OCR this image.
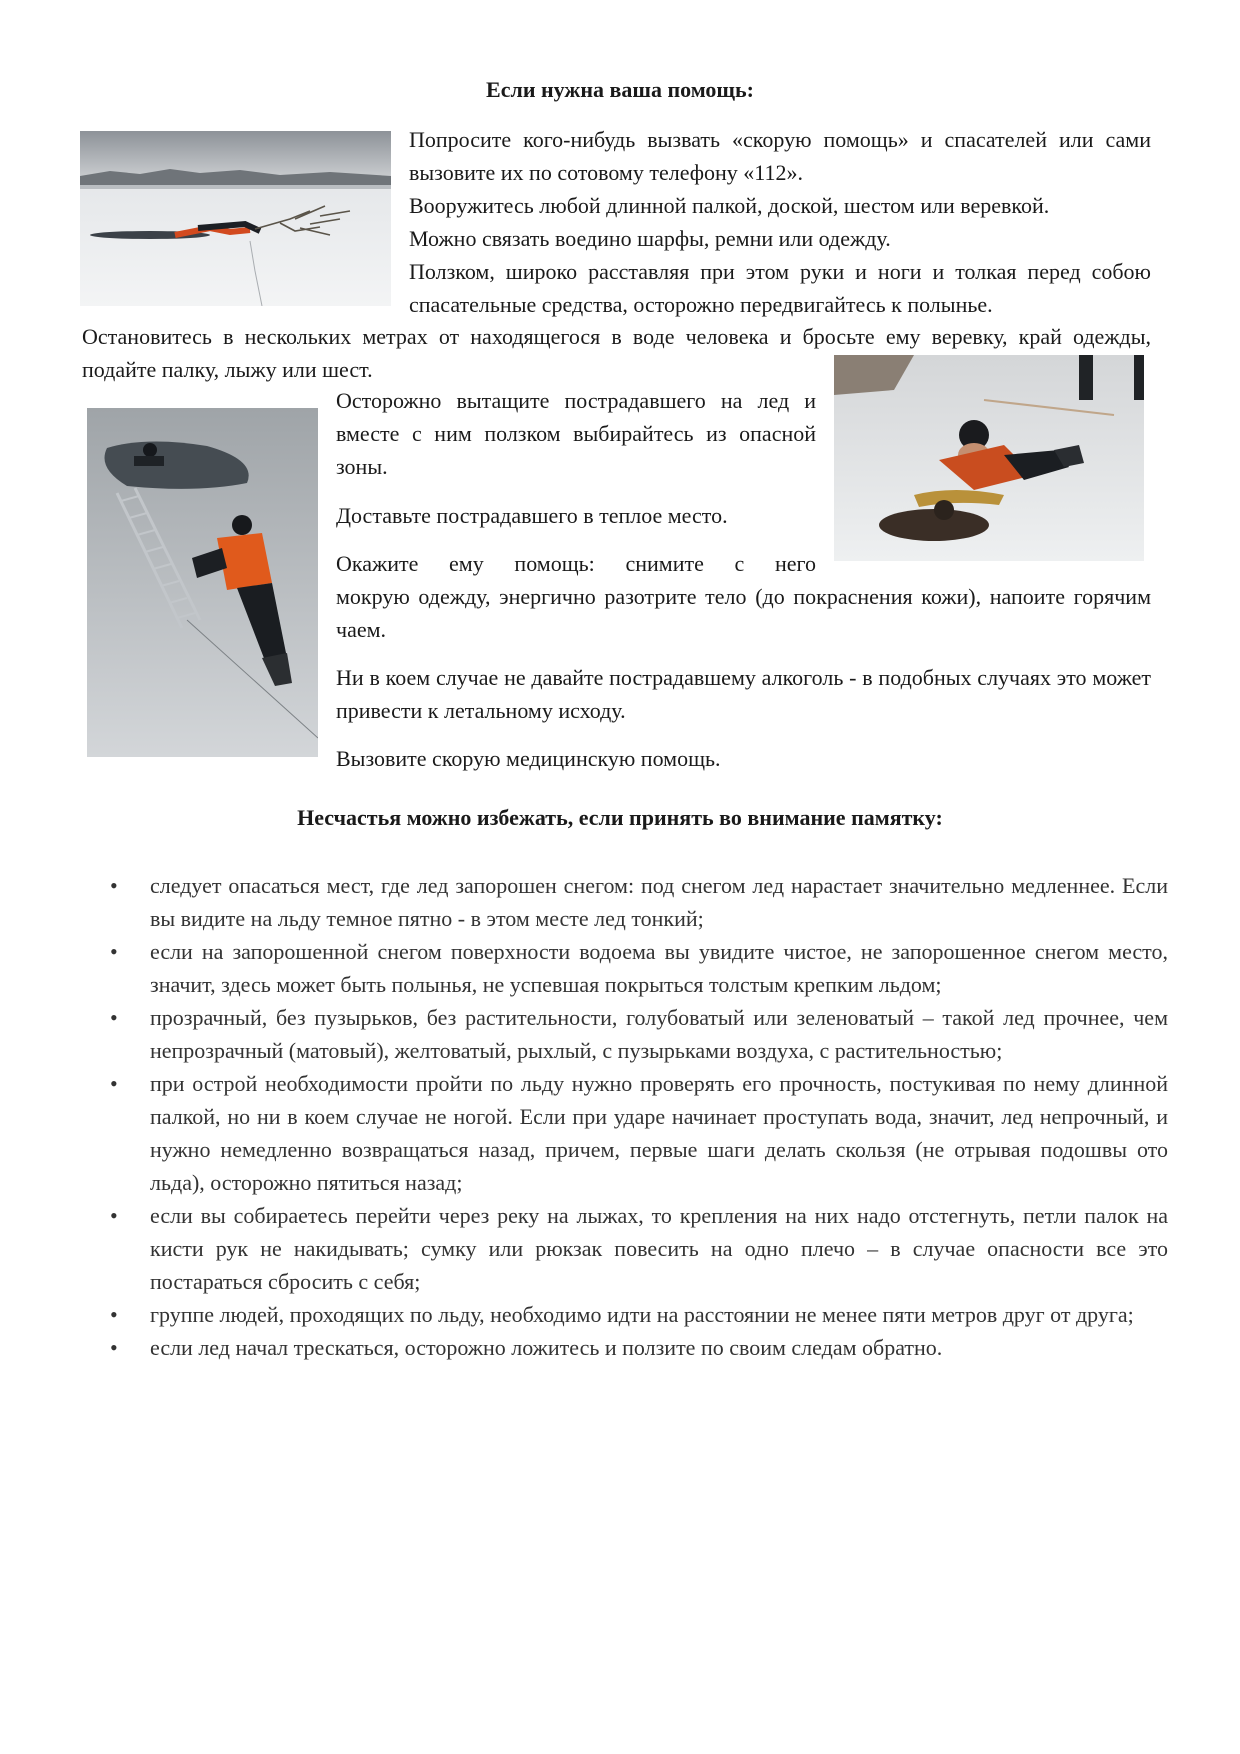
Если нужна ваша помощь:

Попросите кого-нибудь вызвать «скорую помощь» и спасателей или сами вызовите их по сотовому телефону «112».

Вооружитесь любой длинной палкой, доской, шестом или веревкой.

Можно связать воедино шарфы, ремни или одежду.

Ползком, широко расставляя при этом руки и ноги и толкая перед собою спасательные средства, осторожно передвигайтесь к полынье.

Остановитесь в нескольких метрах от находящегося в воде человека и бросьте ему веревку, край одежды, подайте палку, лыжу или шест.
Осторожно вытащите пострадавшего на лед и вместе с ним ползком выбирайтесь из опасной зоны.
Доставьте пострадавшего в теплое место.
Окажите ему помощь: снимите с него
мокрую одежду, энергично разотрите тело (до покраснения кожи), напоите горячим чаем.
Ни в коем случае не давайте пострадавшему алкоголь - в подобных случаях это может привести к летальному исходу.
Вызовите скорую медицинскую помощь.
Несчастья можно избежать, если принять во внимание памятку:
• следует опасаться мест, где лед запорошен снегом: под снегом лед нарастает значительно медленнее. Если вы видите на льду темное пятно - в этом месте лед тонкий;
• если на запорошенной снегом поверхности водоема вы увидите чистое, не запорошенное снегом место, значит, здесь может быть полынья, не успевшая покрыться толстым крепким льдом;
• прозрачный, без пузырьков, без растительности, голубоватый или зеленоватый – такой лед прочнее, чем непрозрачный (матовый), желтоватый, рыхлый, с пузырьками воздуха, с растительностью;
• при острой необходимости пройти по льду нужно проверять его прочность, постукивая по нему длинной палкой, но ни в коем случае не ногой. Если при ударе начинает проступать вода, значит, лед непрочный, и нужно немедленно возвращаться назад, причем, первые шаги делать скользя (не отрывая подошвы ото льда), осторожно пятиться назад;
• если вы собираетесь перейти через реку на лыжах, то крепления на них надо отстегнуть, петли палок на кисти рук не накидывать; сумку или рюкзак повесить на одно плечо – в случае опасности все это постараться сбросить с себя;
• группе людей, проходящих по льду, необходимо идти на расстоянии не менее пяти метров друг от друга;
• если лед начал трескаться, осторожно ложитесь и ползите по своим следам обратно.
